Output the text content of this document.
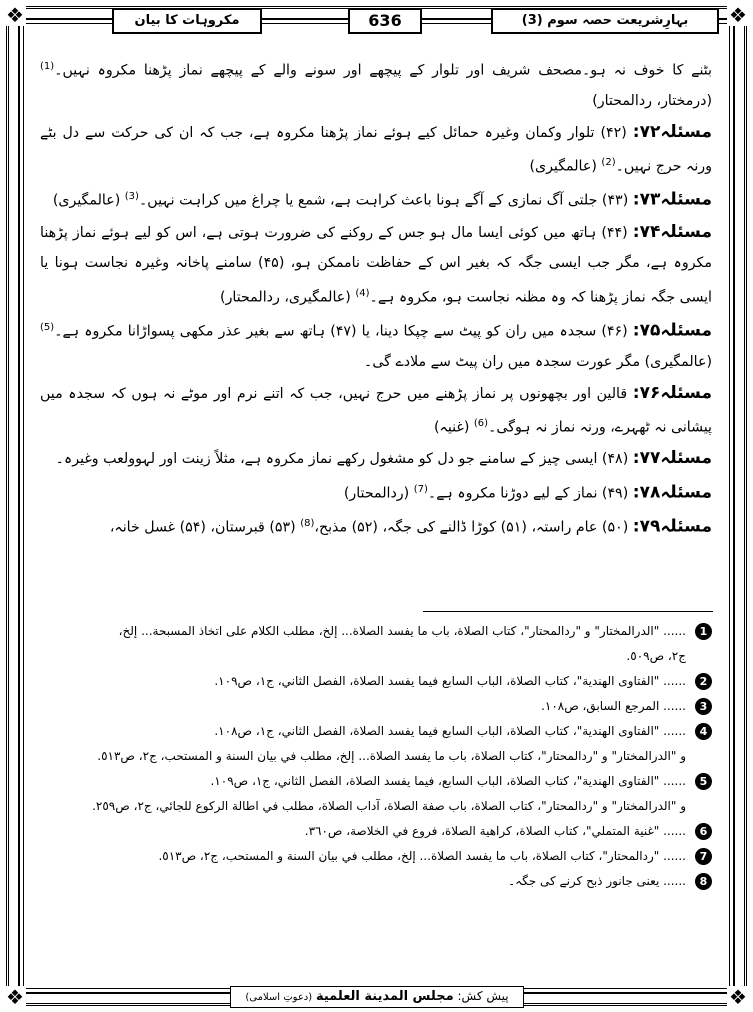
❖	❖
❖	❖
بہارِشریعت حصہ سوم (3)
636
مکروہات کا بیان

بٹنے کا خوف نہ ہو۔مصحف شریف اور تلوار کے پیچھے اور سونے والے کے پیچھے نماز پڑھنا مکروہ نہیں۔$^{(1)}$ (درمختار، ردالمحتار)

مسئلہ۷۲: (۴۲) تلوار وکمان وغیرہ حمائل کیے ہوئے نماز پڑھنا مکروہ ہے، جب کہ ان کی حرکت سے دل بٹے ورنہ حرج نہیں۔$^{(2)}$ (عالمگیری)

مسئلہ۷۳: (۴۳) جلتی آگ نمازی کے آگے ہونا باعث کراہت ہے، شمع یا چراغ میں کراہت نہیں۔$^{(3)}$ (عالمگیری)

مسئلہ۷۴: (۴۴) ہاتھ میں کوئی ایسا مال ہو جس کے روکنے کی ضرورت ہوتی ہے، اس کو لیے ہوئے نماز پڑھنا مکروہ ہے، مگر جب ایسی جگہ کہ بغیر اس کے حفاظت ناممکن ہو، (۴۵) سامنے پاخانہ وغیرہ نجاست ہونا یا ایسی جگہ نماز پڑھنا کہ وہ مظنہ نجاست ہو، مکروہ ہے۔$^{(4)}$ (عالمگیری، ردالمحتار)

مسئلہ۷۵: (۴۶) سجدہ میں ران کو پیٹ سے چپکا دینا، یا (۴۷) ہاتھ سے بغیر عذر مکھی پسواڑانا مکروہ ہے۔$^{(5)}$ (عالمگیری) مگر عورت سجدہ میں ران پیٹ سے ملادے گی۔

مسئلہ۷۶: قالین اور بچھونوں پر نماز پڑھنے میں حرج نہیں، جب کہ اتنے نرم اور موٹے نہ ہوں کہ سجدہ میں پیشانی نہ ٹھہرے، ورنہ نماز نہ ہوگی۔$^{(6)}$ (غنیہ)

مسئلہ۷۷: (۴۸) ایسی چیز کے سامنے جو دل کو مشغول رکھے نماز مکروہ ہے، مثلاً زینت اور لہوولعب وغیرہ۔

مسئلہ۷۸: (۴۹) نماز کے لیے دوڑنا مکروہ ہے۔$^{(7)}$ (ردالمحتار)

مسئلہ۷۹: (۵۰) عام راستہ، (۵۱) کوڑا ڈالنے کی جگہ، (۵۲) مذبح،$^{(8)}$ (۵۳) قبرستان، (۵۴) غسل خانہ،

1
...... "الدرالمختار" و "ردالمحتار"، كتاب الصلاة، باب ما يفسد الصلاة... إلخ، مطلب الكلام على اتخاذ المسبحة... إلخ،
ج٢، ص٥٠٩.
2
...... "الفتاوى الهندية"، كتاب الصلاة، الباب السابع فيما يفسد الصلاة، الفصل الثاني، ج١، ص١٠٩.
3
...... المرجع السابق، ص١٠٨.
4
...... "الفتاوى الهندية"، كتاب الصلاة، الباب السابع فيما يفسد الصلاة، الفصل الثاني، ج١، ص١٠٨.
و "الدرالمختار" و "ردالمحتار"، كتاب الصلاة، باب ما يفسد الصلاة... إلخ، مطلب في بيان السنة و المستحب، ج٢، ص٥١٣.
5
...... "الفتاوى الهندية"، كتاب الصلاة، الباب السابع، فيما يفسد الصلاة، الفصل الثاني، ج١، ص١٠٩.
و "الدرالمختار" و "ردالمحتار"، كتاب الصلاة، باب صفة الصلاة، آداب الصلاة، مطلب في اطالة الركوع للجائي، ج٢، ص٢٥٩.
6
...... "غنية المتملي"، كتاب الصلاة، كراهية الصلاة، فروع في الخلاصة، ص٣٦٠.
7
...... "ردالمحتار"، كتاب الصلاة، باب ما يفسد الصلاة... إلخ، مطلب في بيان السنة و المستحب، ج٢، ص٥١٣.
8
...... یعنی جانور ذبح کرنے کی جگہ۔
پیش کش: مجلس المدينة العلمية (دعوتِ اسلامی)
